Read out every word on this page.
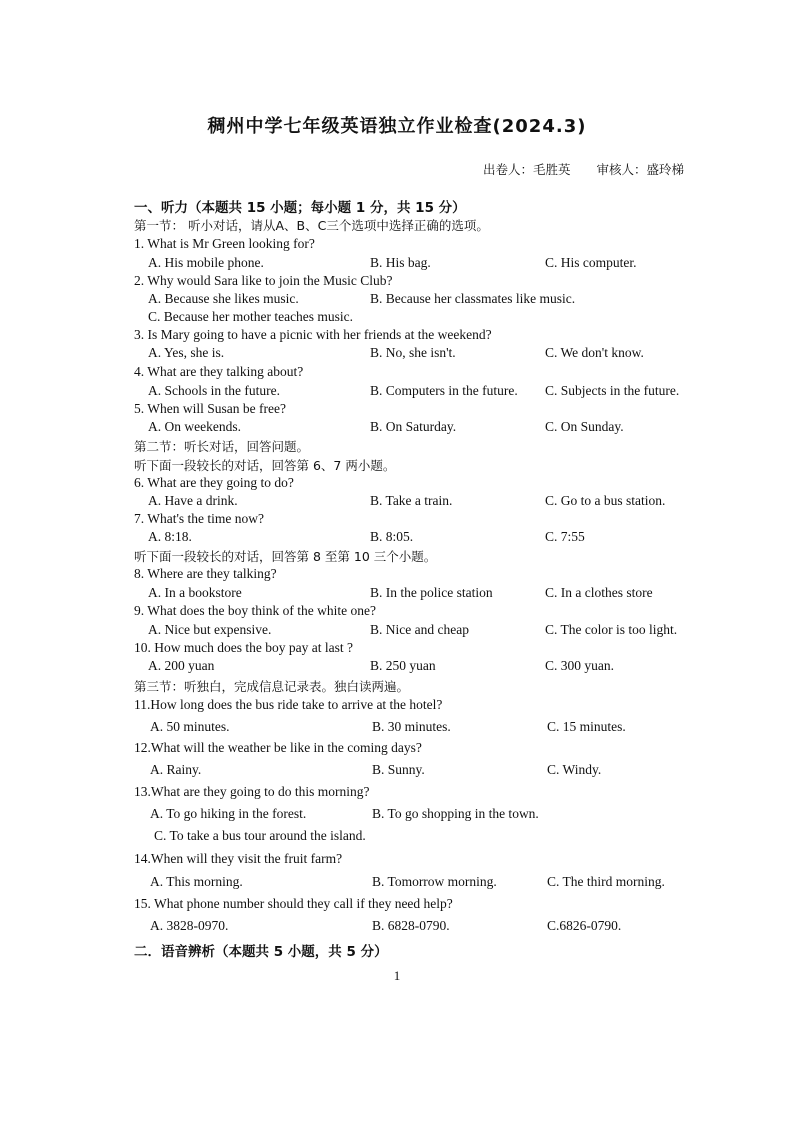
稠州中学七年级英语独立作业检查(2024.3)
出卷人：毛胜英 审核人：盛玲梯
一、听力（本题共 15 小题；每小题 1 分，共 15 分）
第一节： 听小对话，请从A、B、C三个选项中选择正确的选项。
1. What is Mr Green looking for?
A. His mobile phone.	B. His bag.	C. His computer.
2. Why would Sara like to join the Music Club?
A. Because she likes music.	B. Because her classmates like music.
C. Because her mother teaches music.
3. Is Mary going to have a picnic with her friends at the weekend?
A. Yes, she is.	B. No, she isn't.	C. We don't know.
4. What are they talking about?
A. Schools in the future.	B. Computers in the future. C. Subjects in the future.
5. When will Susan be free?
A. On weekends.	B. On Saturday.	C. On Sunday.
第二节：听长对话，回答问题。
听下面一段较长的对话，回答第 6、7 两小题。
6. What are they going to do?
A. Have a drink.	B. Take a train.	C. Go to a bus station.
7. What's the time now?
A. 8:18.	B. 8:05.	C. 7:55
听下面一段较长的对话，回答第 8 至第 10 三个小题。
8. Where are they talking?
A. In a bookstore	B. In the police station	C. In a clothes store
9. What does the boy think of the white one?
A. Nice but expensive.	B. Nice and cheap	C. The color is too light.
10. How much does the boy pay at last ?
A. 200 yuan	B. 250 yuan	C. 300 yuan.
第三节：听独白，完成信息记录表。独白读两遍。
11.How long does the bus ride take to arrive at the hotel?
A. 50 minutes.	B. 30 minutes.	C. 15 minutes.
12.What will the weather be like in the coming days?
A. Rainy.	B. Sunny.	C. Windy.
13.What are they going to do this morning?
A. To go hiking in the forest.	B. To go shopping in the town.
C. To take a bus tour around the island.
14.When will they visit the fruit farm?
A. This morning.	B. Tomorrow morning.	C. The third morning.
15. What phone number should they call if they need help?
A. 3828-0970.	B. 6828-0790.	C.6826-0790.
二．语音辨析（本题共 5 小题，共 5 分）
1
